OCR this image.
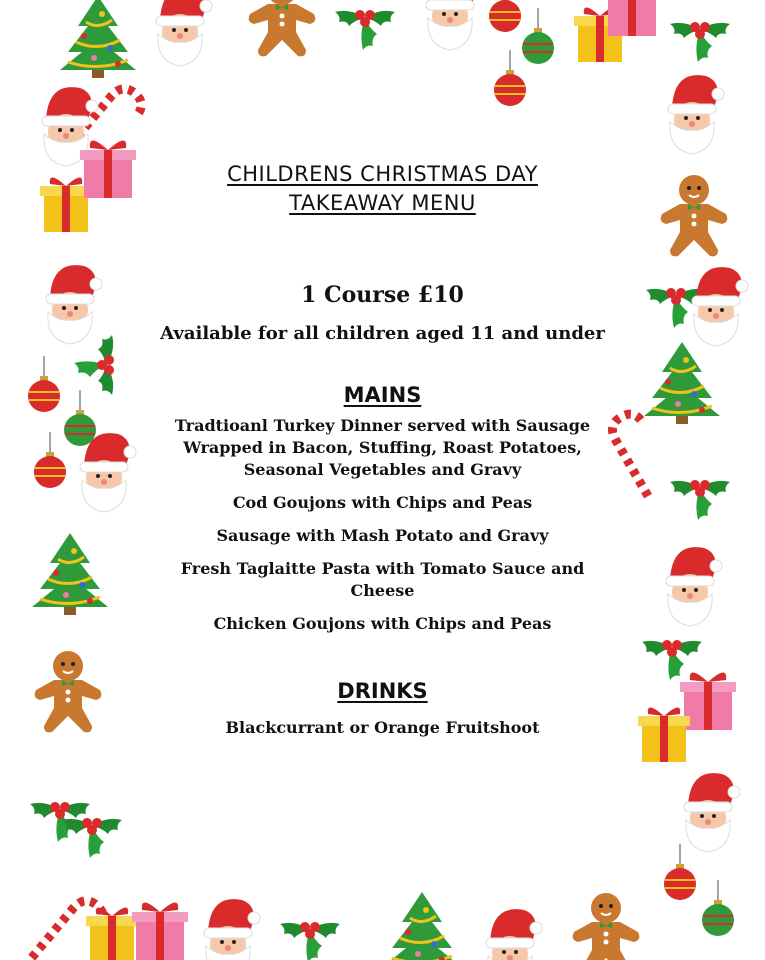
CHILDRENS CHRISTMAS DAY
TAKEAWAY MENU

1 Course £10

Available for all children aged 11 and under

MAINS

Tradtioanl Turkey Dinner served with Sausage Wrapped in Bacon, Stuffing, Roast Potatoes, Seasonal Vegetables and Gravy

Cod Goujons with Chips and Peas

Sausage with Mash Potato and Gravy

Fresh Taglaitte Pasta with Tomato Sauce and Cheese

Chicken Goujons with Chips and Peas

DRINKS

Blackcurrant or Orange Fruitshoot
